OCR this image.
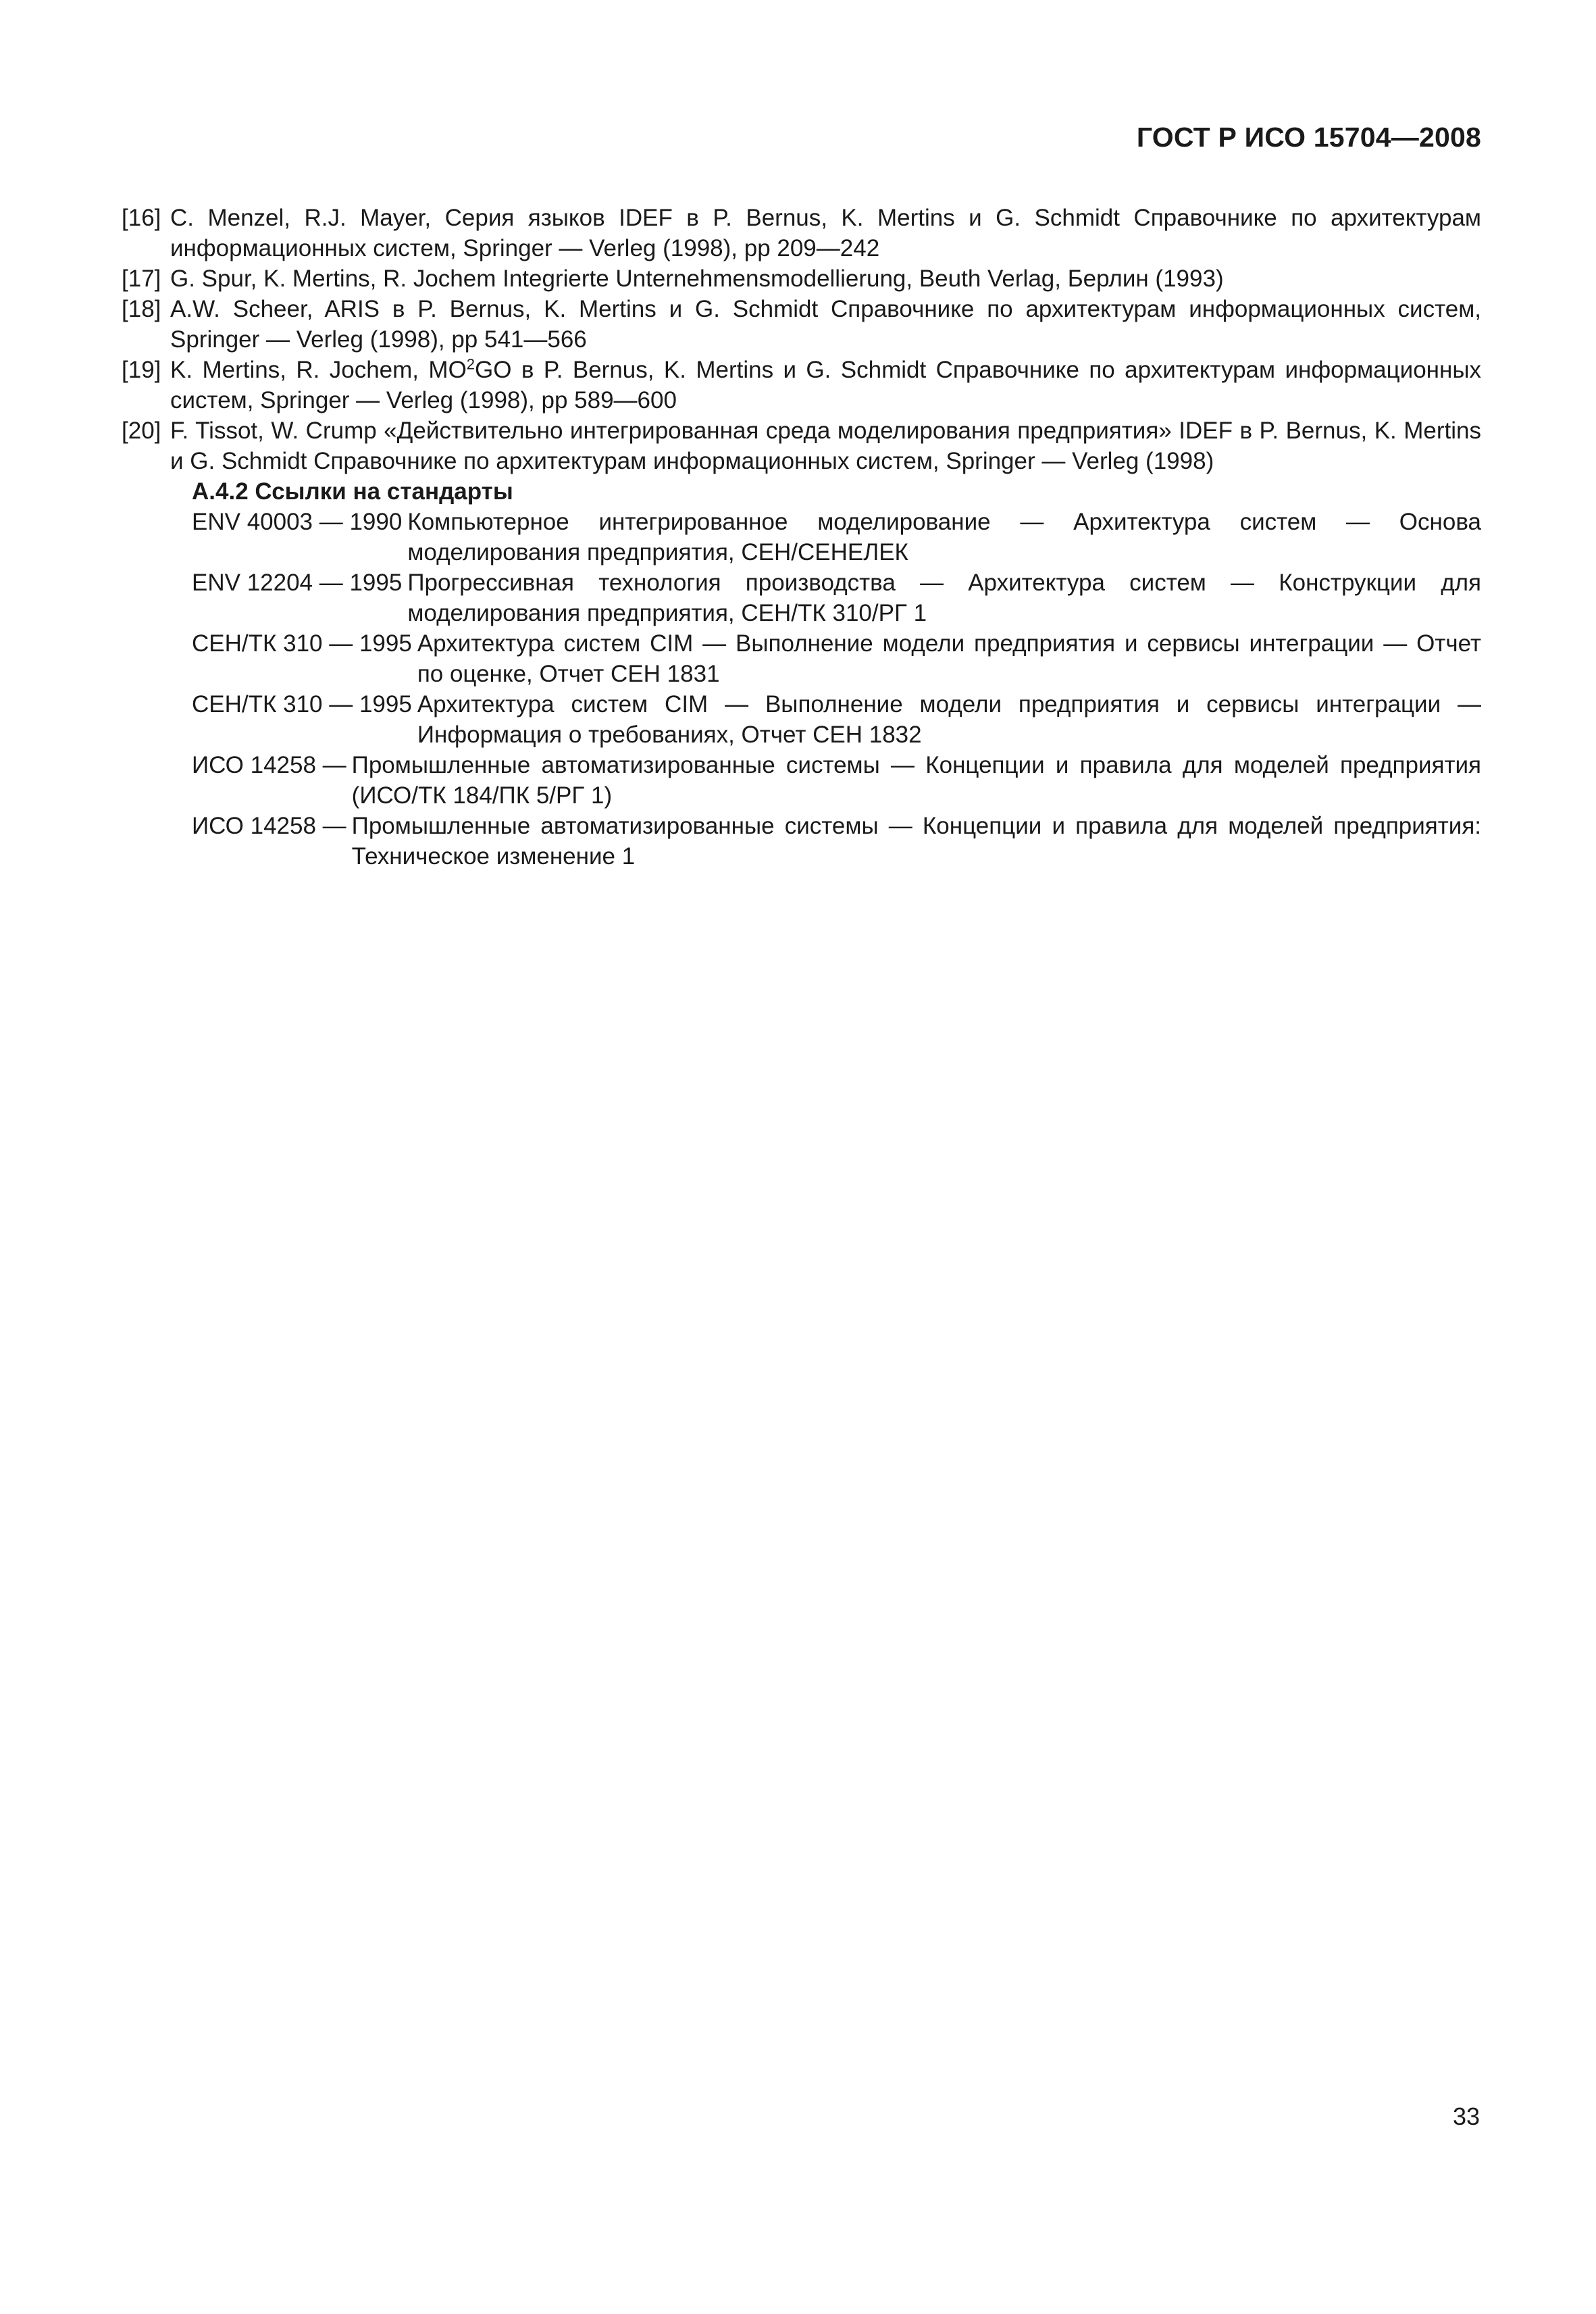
ГОСТ Р ИСО 15704—2008
[16] C. Menzel, R.J. Mayer, Серия языков IDEF в P. Bernus, K. Mertins и G. Schmidt Справочнике по архитектурам информационных систем, Springer — Verleg (1998), pp 209—242
[17] G. Spur, K. Mertins, R. Jochem Integrierte Unternehmensmodellierung, Beuth Verlag, Берлин (1993)
[18] A.W. Scheer, ARIS в P. Bernus, K. Mertins и G. Schmidt Справочнике по архитектурам информационных систем, Springer — Verleg (1998), pp 541—566
[19] K. Mertins, R. Jochem, $MO^2GO$ в P. Bernus, K. Mertins и G. Schmidt Справочнике по архитектурам информационных систем, Springer — Verleg (1998), pp 589—600
[20] F. Tissot, W. Crump «Действительно интегрированная среда моделирования предприятия» IDEF в P. Bernus, K. Mertins и G. Schmidt Справочнике по архитектурам информационных систем, Springer — Verleg (1998)
А.4.2 Ссылки на стандарты
ENV 40003 — 1990 Компьютерное интегрированное моделирование — Архитектура систем — Основа моделирования предприятия, СЕН/СЕНЕЛЕК
ENV 12204 — 1995 Прогрессивная технология производства — Архитектура систем — Конструкции для моделирования предприятия, СЕН/ТК 310/РГ 1
СЕН/ТК 310 — 1995 Архитектура систем CIM — Выполнение модели предприятия и сервисы интеграции — Отчет по оценке, Отчет СЕН 1831
СЕН/ТК 310 — 1995 Архитектура систем CIM — Выполнение модели предприятия и сервисы интеграции — Информация о требованиях, Отчет СЕН 1832
ИСО 14258 — Промышленные автоматизированные системы — Концепции и правила для моделей предприятия (ИСО/ТК 184/ПК 5/РГ 1)
ИСО 14258 — Промышленные автоматизированные системы — Концепции и правила для моделей предприятия: Техническое изменение 1
33
